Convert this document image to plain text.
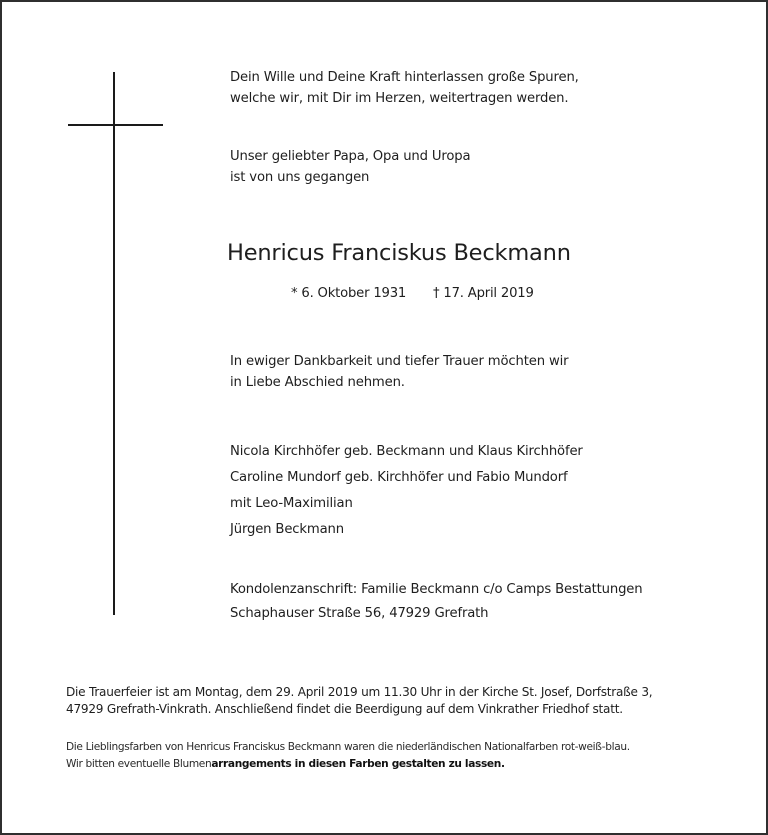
Dein Wille und Deine Kraft hinterlassen große Spuren,
welche wir, mit Dir im Herzen, weitertragen werden.
Unser geliebter Papa, Opa und Uropa
ist von uns gegangen
Henricus Franciskus Beckmann
* 6. Oktober 1931 † 17. April 2019
In ewiger Dankbarkeit und tiefer Trauer möchten wir
in Liebe Abschied nehmen.
Nicola Kirchhöfer geb. Beckmann und Klaus Kirchhöfer
Caroline Mundorf geb. Kirchhöfer und Fabio Mundorf
mit Leo-Maximilian
Jürgen Beckmann
Kondolenzanschrift: Familie Beckmann c/o Camps Bestattungen
Schaphauser Straße 56, 47929 Grefrath
Die Trauerfeier ist am Montag, dem 29. April 2019 um 11.30 Uhr in der Kirche St. Josef, Dorfstraße 3,
47929 Grefrath-Vinkrath. Anschließend findet die Beerdigung auf dem Vinkrather Friedhof statt.
Die Lieblingsfarben von Henricus Franciskus Beckmann waren die niederländischen Nationalfarben rot-weiß-blau.
Wir bitten eventuelle Blumenarrangements in diesen Farben gestalten zu lassen.
